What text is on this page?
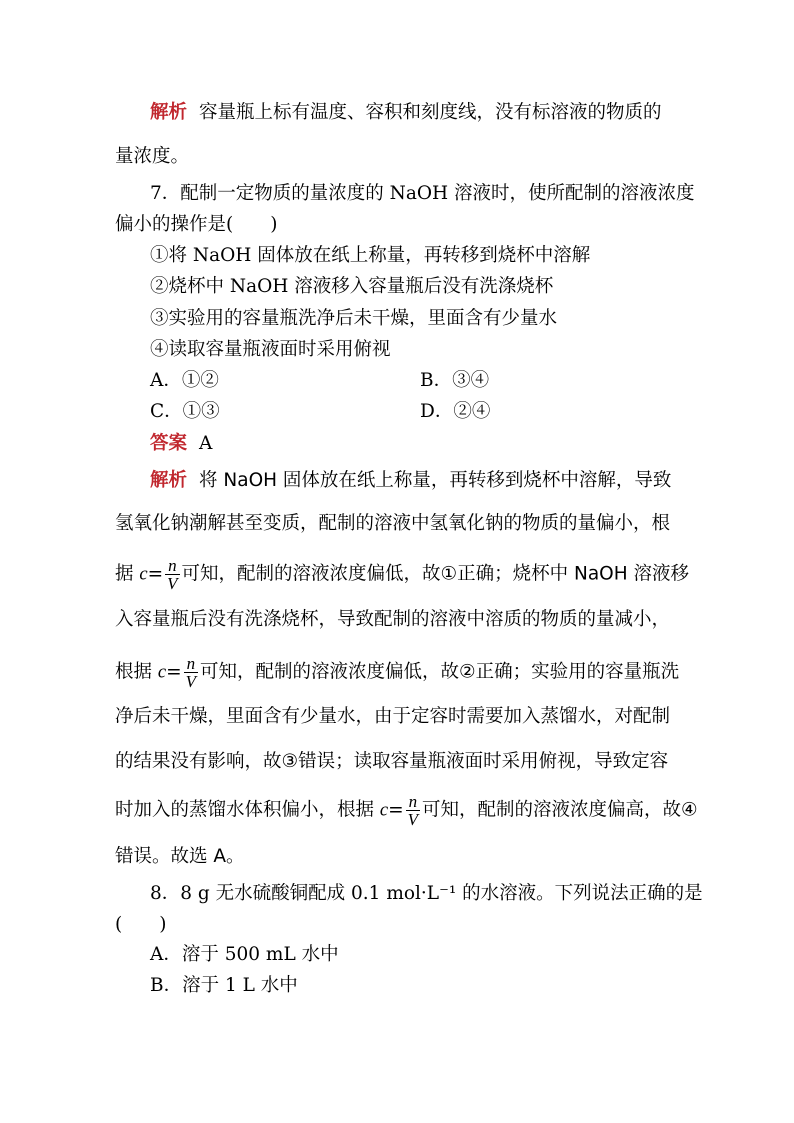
解析 容量瓶上标有温度、容积和刻度线，没有标溶液的物质的
量浓度。
7．配制一定物质的量浓度的 NaOH 溶液时，使所配制的溶液浓度
偏小的操作是(　　)
①将 NaOH 固体放在纸上称量，再转移到烧杯中溶解
②烧杯中 NaOH 溶液移入容量瓶后没有洗涤烧杯
③实验用的容量瓶洗净后未干燥，里面含有少量水
④读取容量瓶液面时采用俯视
A．①②	B．③④
C．①③	D．②④
答案 A
解析 将 NaOH 固体放在纸上称量，再转移到烧杯中溶解，导致
氢氧化钠潮解甚至变质，配制的溶液中氢氧化钠的物质的量偏小，根
据 $c= \frac{n}{V}$ 可知，配制的溶液浓度偏低，故①正确；烧杯中 NaOH 溶液移
入容量瓶后没有洗涤烧杯，导致配制的溶液中溶质的物质的量减小，
根据 $c= \frac{n}{V}$ 可知，配制的溶液浓度偏低，故②正确；实验用的容量瓶洗
净后未干燥，里面含有少量水，由于定容时需要加入蒸馏水，对配制
的结果没有影响，故③错误；读取容量瓶液面时采用俯视，导致定容
时加入的蒸馏水体积偏小，根据 $c= \frac{n}{V}$ 可知，配制的溶液浓度偏高，故④
错误。故选 A。
8．8 g 无水硫酸铜配成 0.1 mol·L⁻¹ 的水溶液。下列说法正确的是
(　　)
A．溶于 500 mL 水中
B．溶于 1 L 水中
